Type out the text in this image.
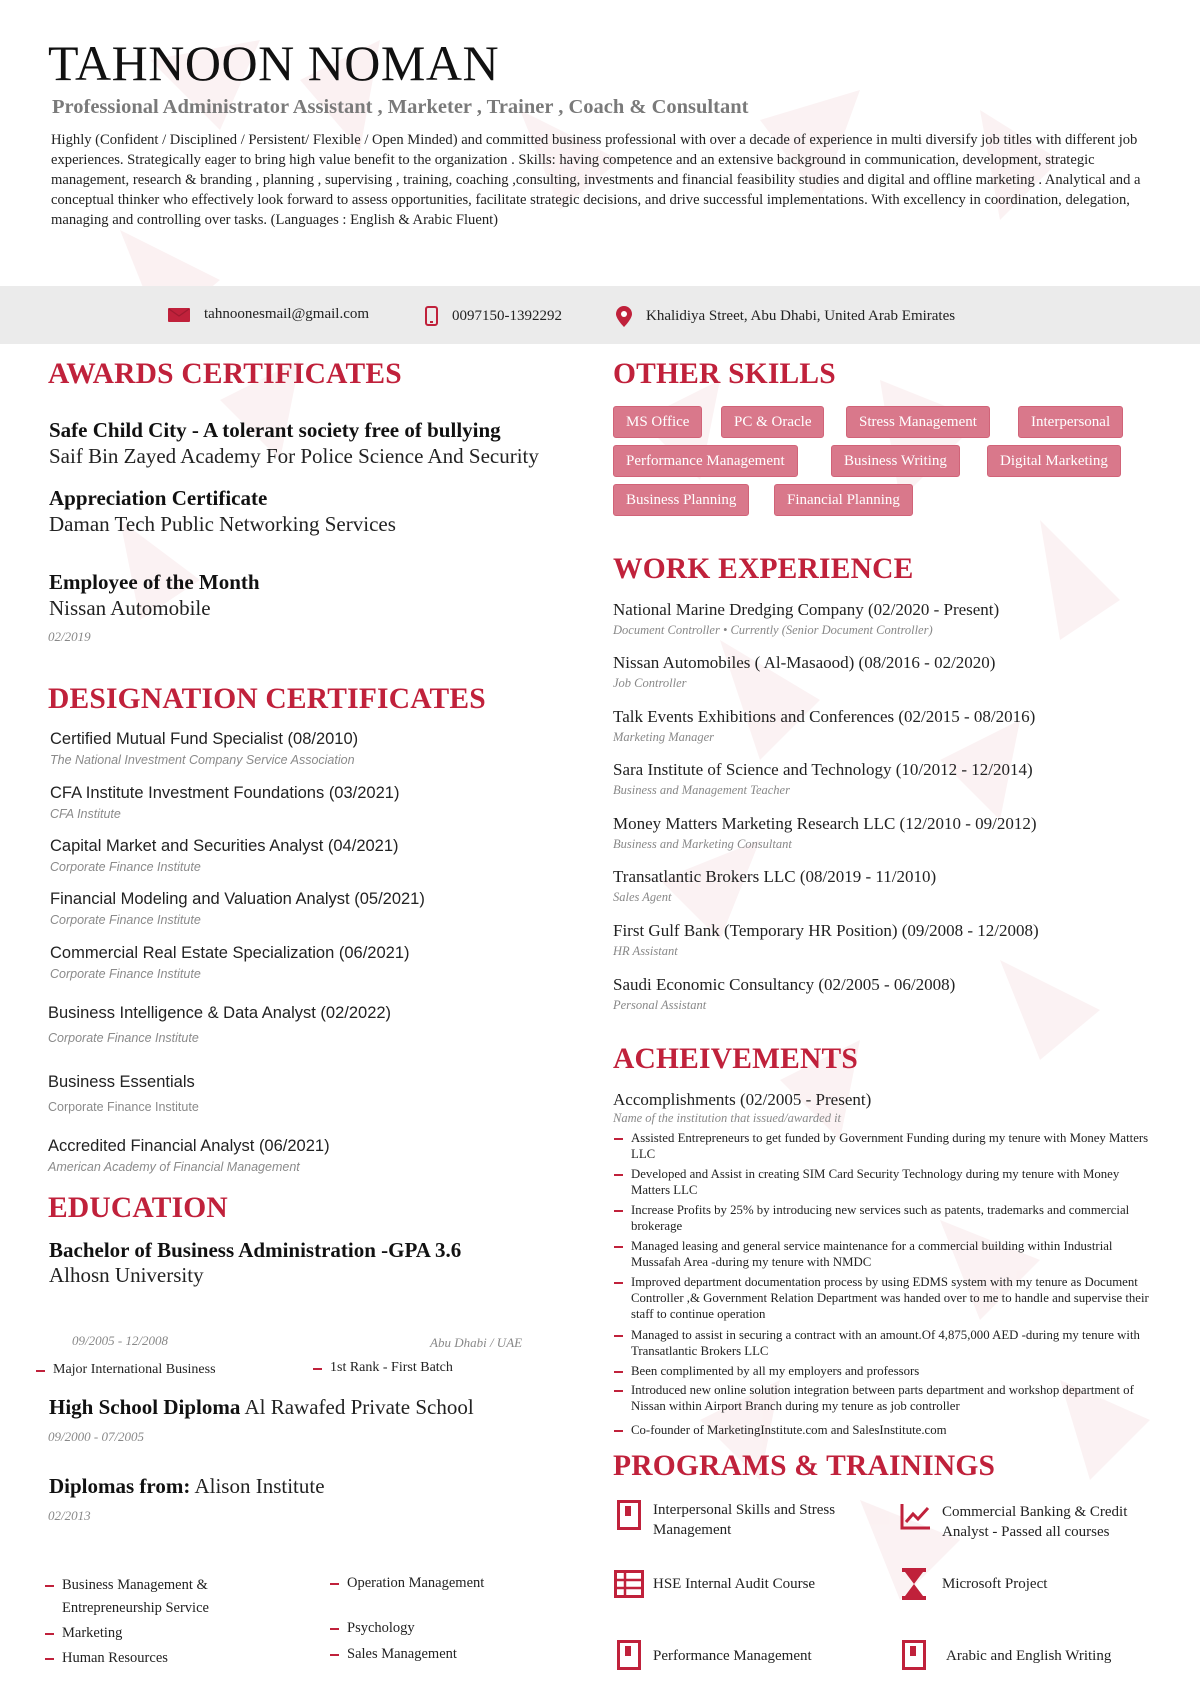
TAHNOON NOMAN
Professional Administrator Assistant , Marketer , Trainer , Coach & Consultant
Highly (Confident / Disciplined / Persistent/ Flexible / Open Minded) and committed business professional with over a decade of experience in multi diversify job titles with different job experiences. Strategically eager to bring high value benefit to the organization . Skills: having competence and an extensive background in communication, development, strategic management, research & branding , planning , supervising , training, coaching ,consulting, investments and financial feasibility studies and digital and offline marketing . Analytical and a conceptual thinker who effectively look forward to assess opportunities, facilitate strategic decisions, and drive successful implementations. With excellency in coordination, delegation, managing and controlling over tasks. (Languages : English & Arabic Fluent)
tahnoonesmail@gmail.com	0097150-1392292	Khalidiya Street, Abu Dhabi, United Arab Emirates
AWARDS CERTIFICATES
Safe Child City - A tolerant society free of bullying
Saif Bin Zayed Academy For Police Science And Security
Appreciation Certificate
Daman Tech Public Networking Services
Employee of the Month
Nissan Automobile
02/2019
DESIGNATION CERTIFICATES
Certified Mutual Fund Specialist (08/2010)
The National Investment Company Service Association
CFA Institute Investment Foundations (03/2021)
CFA Institute
Capital Market and Securities Analyst (04/2021)
Corporate Finance Institute
Financial Modeling and Valuation Analyst (05/2021)
Corporate Finance Institute
Commercial Real Estate Specialization (06/2021)
Corporate Finance Institute
Business Intelligence & Data Analyst (02/2022)
Corporate Finance Institute
Business Essentials
Corporate Finance Institute
Accredited Financial Analyst (06/2021)
American Academy of Financial Management
EDUCATION
Bachelor of Business Administration -GPA 3.6
Alhosn University
09/2005 - 12/2008	Abu Dhabi / UAE
Major International Business	1st Rank - First Batch
High School Diploma Al Rawafed Private School
09/2000 - 07/2005
Diplomas from: Alison Institute
02/2013
Business Management &
Entrepreneurship Service
Marketing
Human Resources
Operation Management
Psychology
Sales Management
OTHER SKILLS
MS Office	PC & Oracle	Stress Management	Interpersonal
Performance Management	Business Writing	Digital Marketing
Business Planning	Financial Planning
WORK EXPERIENCE
National Marine Dredging Company (02/2020 - Present)
Document Controller • Currently (Senior Document Controller)
Nissan Automobiles ( Al-Masaood) (08/2016 - 02/2020)
Job Controller
Talk Events Exhibitions and Conferences (02/2015 - 08/2016)
Marketing Manager
Sara Institute of Science and Technology (10/2012 - 12/2014)
Business and Management Teacher
Money Matters Marketing Research LLC (12/2010 - 09/2012)
Business and Marketing Consultant
Transatlantic Brokers LLC (08/2019 - 11/2010)
Sales Agent
First Gulf Bank (Temporary HR Position) (09/2008 - 12/2008)
HR Assistant
Saudi Economic Consultancy (02/2005 - 06/2008)
Personal Assistant
ACHEIVEMENTS
Accomplishments (02/2005 - Present)
Name of the institution that issued/awarded it
Assisted Entrepreneurs to get funded by Government Funding during my tenure with Money Matters LLC
Developed and Assist in creating SIM Card Security Technology during my tenure with Money Matters LLC
Increase Profits by 25% by introducing new services such as patents, trademarks and commercial brokerage
Managed leasing and general service maintenance for a commercial building within Industrial Mussafah Area -during my tenure with NMDC
Improved department documentation process by using EDMS system with my tenure as Document Controller ,& Government Relation Department was handed over to me to handle and supervise their staff to continue operation
Managed to assist in securing a contract with an amount.Of 4,875,000 AED -during my tenure with Transatlantic Brokers LLC
Been complimented by all my employers and professors
Introduced new online solution integration between parts department and workshop department of Nissan within Airport Branch during my tenure as job controller
Co-founder of MarketingInstitute.com and SalesInstitute.com
PROGRAMS & TRAININGS
Interpersonal Skills and Stress Management
Commercial Banking & Credit Analyst - Passed all courses
HSE Internal Audit Course	Microsoft Project
Performance Management	Arabic and English Writing
